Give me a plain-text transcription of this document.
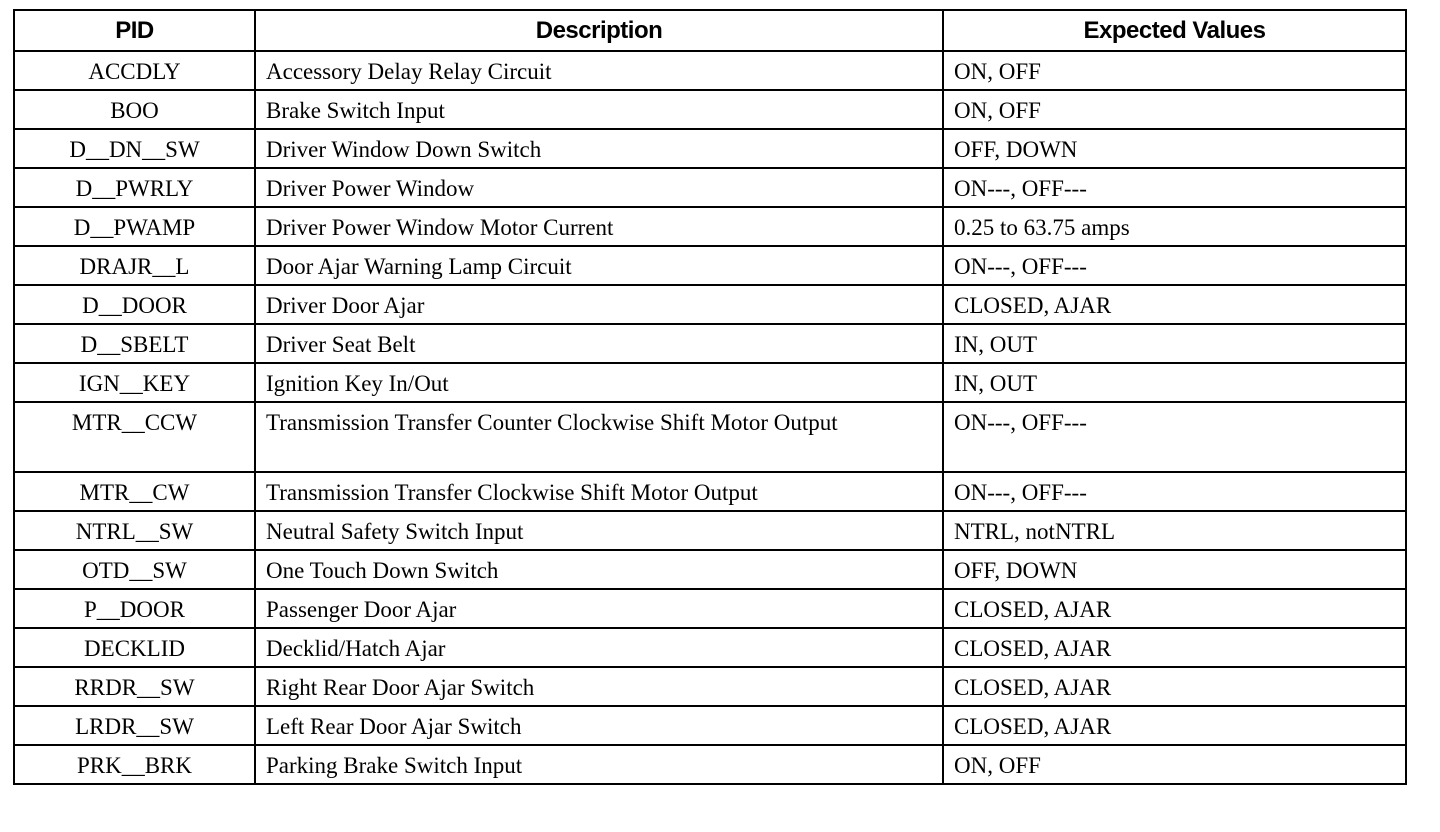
PID	Description	Expected Values
ACCDLY	Accessory Delay Relay Circuit	ON, OFF
BOO	Brake Switch Input	ON, OFF
D__DN__SW	Driver Window Down Switch	OFF, DOWN
D__PWRLY	Driver Power Window	ON---, OFF---
D__PWAMP	Driver Power Window Motor Current	0.25 to 63.75 amps
DRAJR__L	Door Ajar Warning Lamp Circuit	ON---, OFF---
D__DOOR	Driver Door Ajar	CLOSED, AJAR
D__SBELT	Driver Seat Belt	IN, OUT
IGN__KEY	Ignition Key In/Out	IN, OUT
MTR__CCW	Transmission Transfer Counter Clockwise Shift Motor Output	ON---, OFF---
MTR__CW	Transmission Transfer Clockwise Shift Motor Output	ON---, OFF---
NTRL__SW	Neutral Safety Switch Input	NTRL, notNTRL
OTD__SW	One Touch Down Switch	OFF, DOWN
P__DOOR	Passenger Door Ajar	CLOSED, AJAR
DECKLID	Decklid/Hatch Ajar	CLOSED, AJAR
RRDR__SW	Right Rear Door Ajar Switch	CLOSED, AJAR
LRDR__SW	Left Rear Door Ajar Switch	CLOSED, AJAR
PRK__BRK	Parking Brake Switch Input	ON, OFF
